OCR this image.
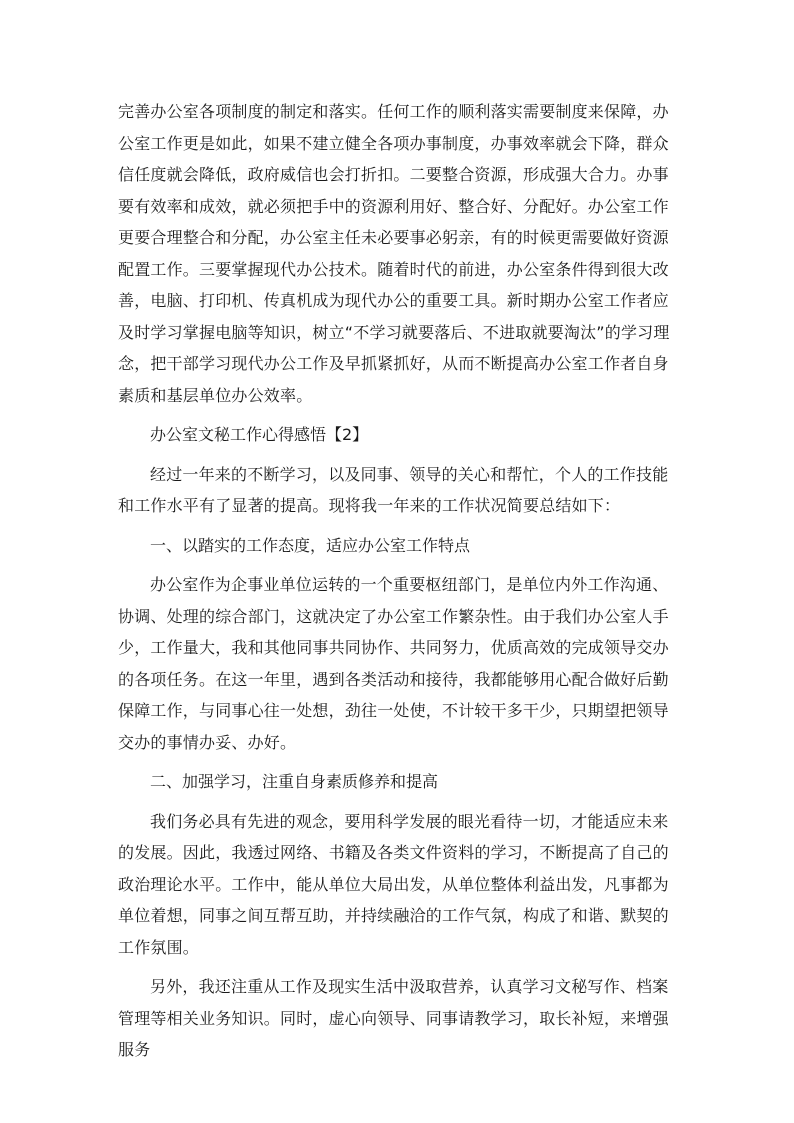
完善办公室各项制度的制定和落实。任何工作的顺利落实需要制度来保障，办公室工作更是如此，如果不建立健全各项办事制度，办事效率就会下降，群众信任度就会降低，政府威信也会打折扣。二要整合资源，形成强大合力。办事要有效率和成效，就必须把手中的资源利用好、整合好、分配好。办公室工作更要合理整合和分配，办公室主任未必要事必躬亲，有的时候更需要做好资源配置工作。三要掌握现代办公技术。随着时代的前进，办公室条件得到很大改善，电脑、打印机、传真机成为现代办公的重要工具。新时期办公室工作者应及时学习掌握电脑等知识，树立“不学习就要落后、不进取就要淘汰”的学习理念，把干部学习现代办公工作及早抓紧抓好，从而不断提高办公室工作者自身素质和基层单位办公效率。

办公室文秘工作心得感悟【2】

经过一年来的不断学习，以及同事、领导的关心和帮忙，个人的工作技能和工作水平有了显著的提高。现将我一年来的工作状况简要总结如下：

一、以踏实的工作态度，适应办公室工作特点

办公室作为企事业单位运转的一个重要枢纽部门，是单位内外工作沟通、协调、处理的综合部门，这就决定了办公室工作繁杂性。由于我们办公室人手少，工作量大，我和其他同事共同协作、共同努力，优质高效的完成领导交办的各项任务。在这一年里，遇到各类活动和接待，我都能够用心配合做好后勤保障工作，与同事心往一处想，劲往一处使，不计较干多干少，只期望把领导交办的事情办妥、办好。

二、加强学习，注重自身素质修养和提高

我们务必具有先进的观念，要用科学发展的眼光看待一切，才能适应未来的发展。因此，我透过网络、书籍及各类文件资料的学习，不断提高了自己的政治理论水平。工作中，能从单位大局出发，从单位整体利益出发，凡事都为单位着想，同事之间互帮互助，并持续融洽的工作气氛，构成了和谐、默契的工作氛围。

另外，我还注重从工作及现实生活中汲取营养，认真学习文秘写作、档案管理等相关业务知识。同时，虚心向领导、同事请教学习，取长补短，来增强服务
